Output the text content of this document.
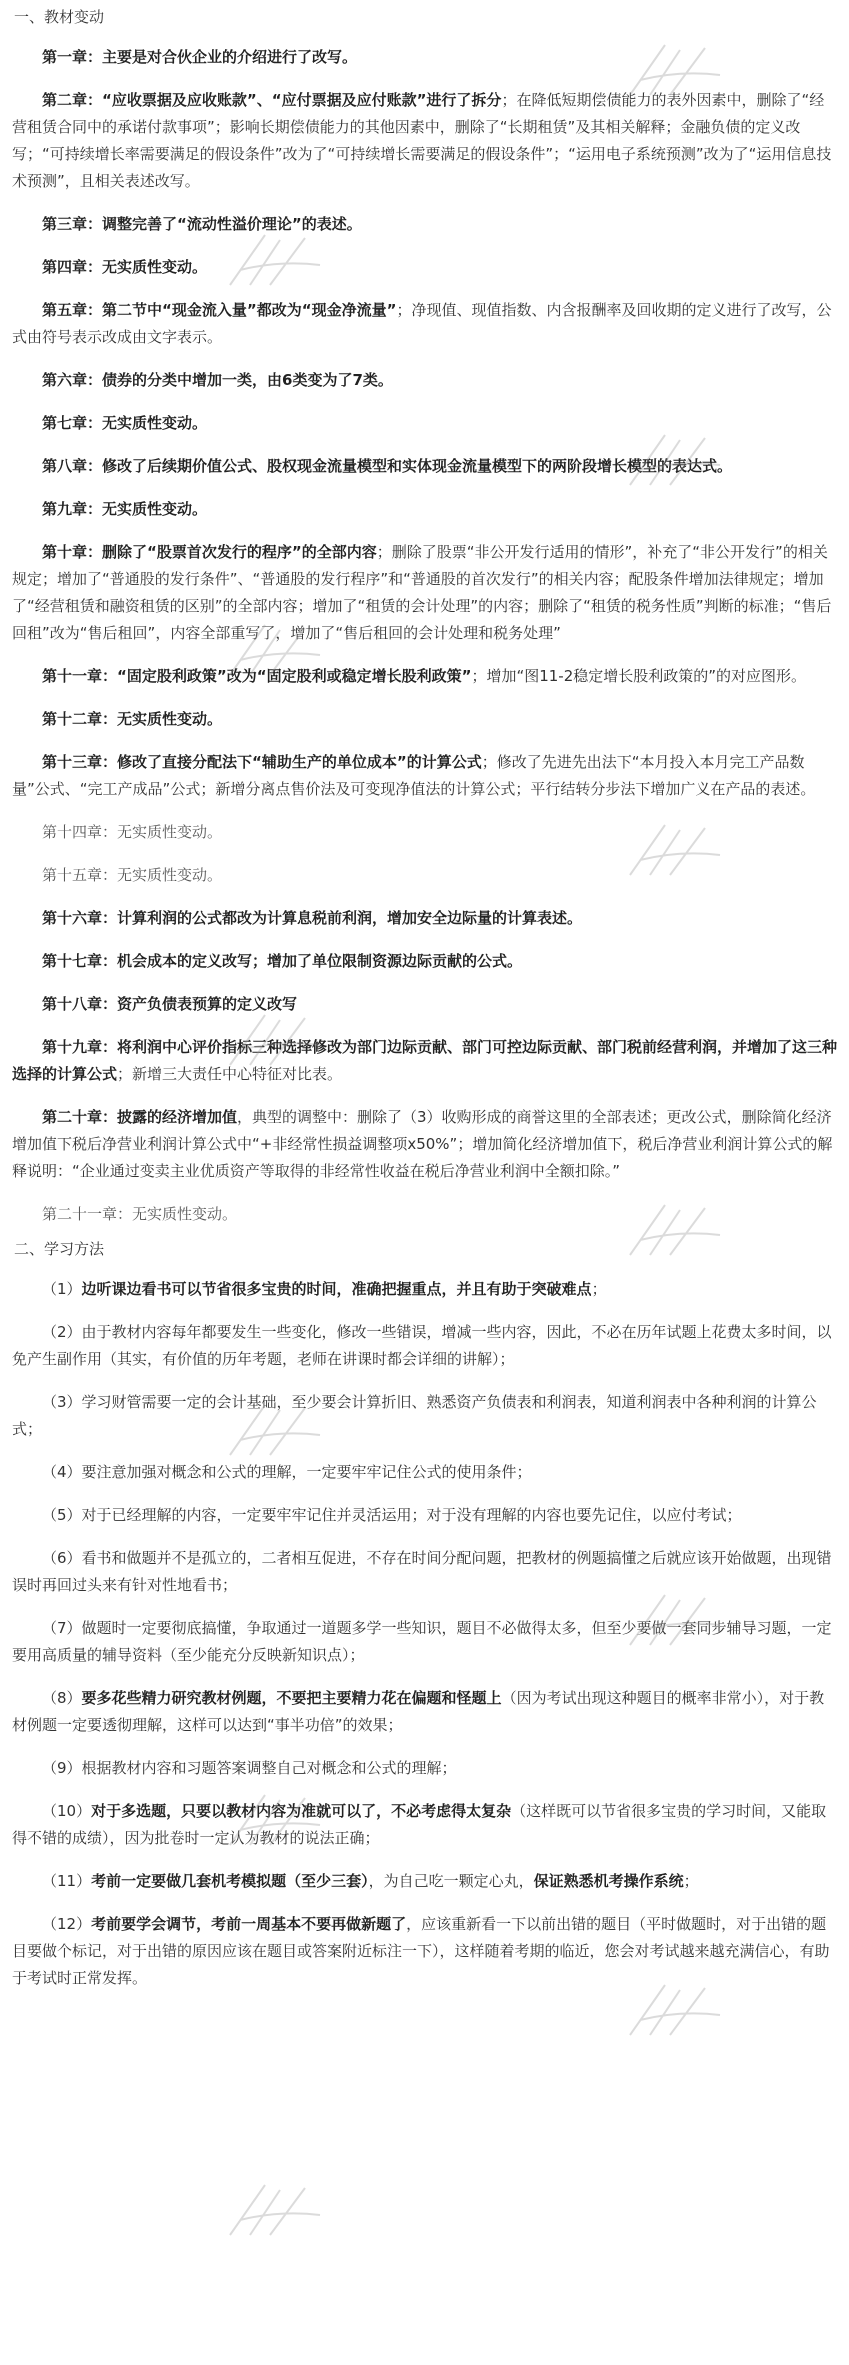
一、教材变动

第一章：主要是对合伙企业的介绍进行了改写。

第二章：“应收票据及应收账款”、“应付票据及应付账款”进行了拆分；在降低短期偿债能力的表外因素中，删除了“经营租赁合同中的承诺付款事项”；影响长期偿债能力的其他因素中，删除了“长期租赁”及其相关解释；金融负债的定义改写；“可持续增长率需要满足的假设条件”改为了“可持续增长需要满足的假设条件”；“运用电子系统预测”改为了“运用信息技术预测”，且相关表述改写。

第三章：调整完善了“流动性溢价理论”的表述。

第四章：无实质性变动。

第五章：第二节中“现金流入量”都改为“现金净流量”；净现值、现值指数、内含报酬率及回收期的定义进行了改写，公式由符号表示改成由文字表示。

第六章：债券的分类中增加一类，由6类变为了7类。

第七章：无实质性变动。

第八章：修改了后续期价值公式、股权现金流量模型和实体现金流量模型下的两阶段增长模型的表达式。

第九章：无实质性变动。

第十章：删除了“股票首次发行的程序”的全部内容；删除了股票“非公开发行适用的情形”，补充了“非公开发行”的相关规定；增加了“普通股的发行条件”、“普通股的发行程序”和“普通股的首次发行”的相关内容；配股条件增加法律规定；增加了“经营租赁和融资租赁的区别”的全部内容；增加了“租赁的会计处理”的内容；删除了“租赁的税务性质”判断的标准；“售后回租”改为“售后租回”，内容全部重写了，增加了“售后租回的会计处理和税务处理”

第十一章：“固定股利政策”改为“固定股利或稳定增长股利政策”；增加“图11-2稳定增长股利政策的”的对应图形。

第十二章：无实质性变动。

第十三章：修改了直接分配法下“辅助生产的单位成本”的计算公式；修改了先进先出法下“本月投入本月完工产品数量”公式、“完工产成品”公式；新增分离点售价法及可变现净值法的计算公式；平行结转分步法下增加广义在产品的表述。

第十四章：无实质性变动。

第十五章：无实质性变动。

第十六章：计算利润的公式都改为计算息税前利润，增加安全边际量的计算表述。

第十七章：机会成本的定义改写；增加了单位限制资源边际贡献的公式。

第十八章：资产负债表预算的定义改写

第十九章：将利润中心评价指标三种选择修改为部门边际贡献、部门可控边际贡献、部门税前经营利润，并增加了这三种选择的计算公式；新增三大责任中心特征对比表。

第二十章：披露的经济增加值，典型的调整中：删除了（3）收购形成的商誉这里的全部表述；更改公式，删除简化经济增加值下税后净营业利润计算公式中“+非经常性损益调整项x50%”；增加简化经济增加值下，税后净营业利润计算公式的解释说明：“企业通过变卖主业优质资产等取得的非经常性收益在税后净营业利润中全额扣除。”

第二十一章：无实质性变动。

二、学习方法

（1）边听课边看书可以节省很多宝贵的时间，准确把握重点，并且有助于突破难点；

（2）由于教材内容每年都要发生一些变化，修改一些错误，增减一些内容，因此，不必在历年试题上花费太多时间，以免产生副作用（其实，有价值的历年考题，老师在讲课时都会详细的讲解）；

（3）学习财管需要一定的会计基础，至少要会计算折旧、熟悉资产负债表和利润表，知道利润表中各种利润的计算公式；

（4）要注意加强对概念和公式的理解，一定要牢牢记住公式的使用条件；

（5）对于已经理解的内容，一定要牢牢记住并灵活运用；对于没有理解的内容也要先记住，以应付考试；

（6）看书和做题并不是孤立的，二者相互促进，不存在时间分配问题，把教材的例题搞懂之后就应该开始做题，出现错误时再回过头来有针对性地看书；

（7）做题时一定要彻底搞懂，争取通过一道题多学一些知识，题目不必做得太多，但至少要做一套同步辅导习题，一定要用高质量的辅导资料（至少能充分反映新知识点）；

（8）要多花些精力研究教材例题，不要把主要精力花在偏题和怪题上（因为考试出现这种题目的概率非常小），对于教材例题一定要透彻理解，这样可以达到“事半功倍”的效果；

（9）根据教材内容和习题答案调整自己对概念和公式的理解；

（10）对于多选题，只要以教材内容为准就可以了，不必考虑得太复杂（这样既可以节省很多宝贵的学习时间，又能取得不错的成绩），因为批卷时一定认为教材的说法正确；

（11）考前一定要做几套机考模拟题（至少三套），为自己吃一颗定心丸，保证熟悉机考操作系统；

（12）考前要学会调节，考前一周基本不要再做新题了，应该重新看一下以前出错的题目（平时做题时，对于出错的题目要做个标记，对于出错的原因应该在题目或答案附近标注一下），这样随着考期的临近，您会对考试越来越充满信心，有助于考试时正常发挥。
